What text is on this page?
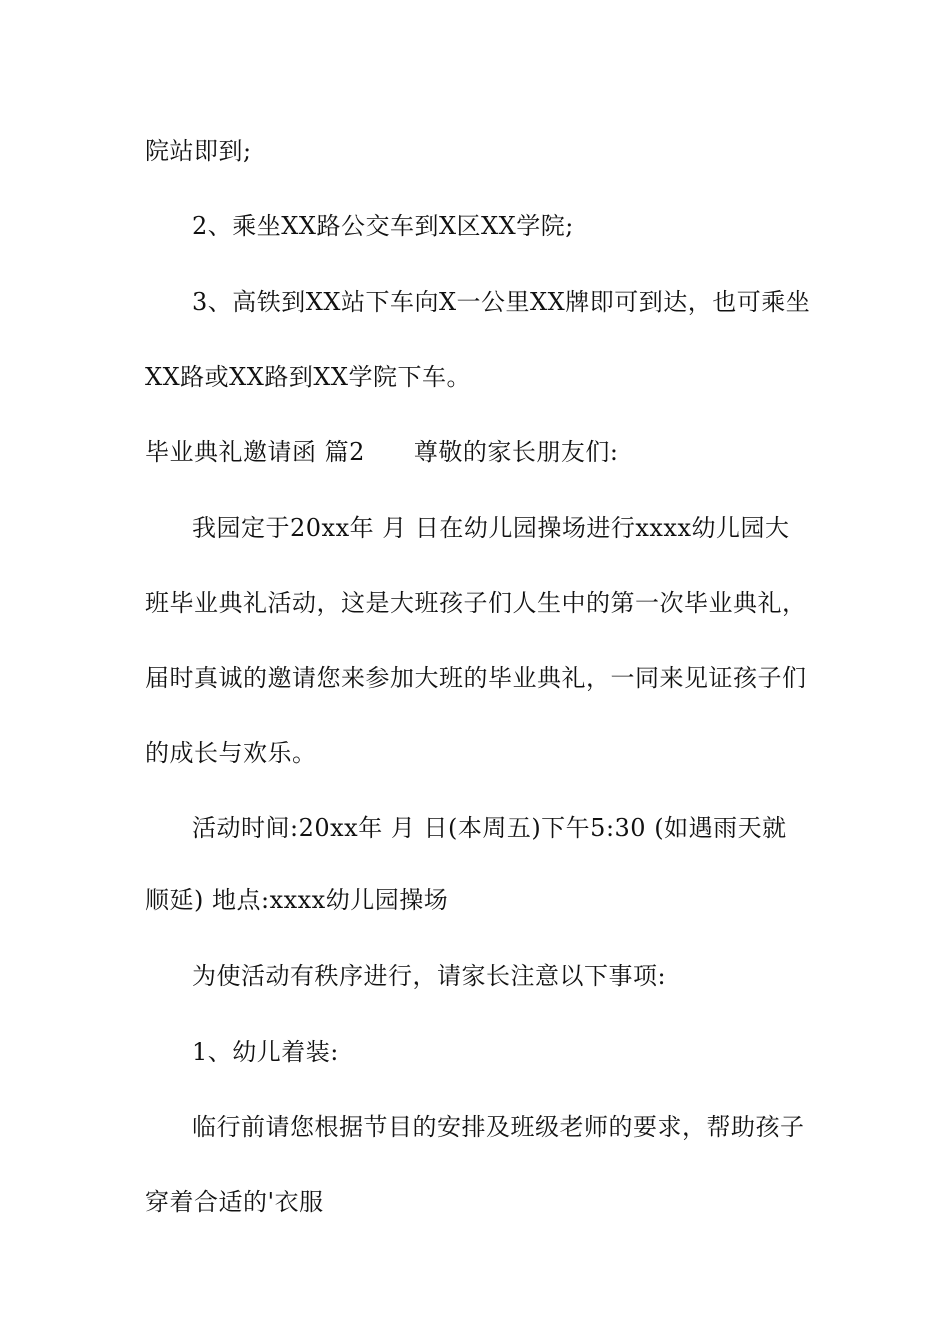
院站即到;
2、乘坐XX路公交车到X区XX学院;
3、高铁到XX站下车向X一公里XX牌即可到达，也可乘坐
XX路或XX路到XX学院下车。
毕业典礼邀请函 篇2　　尊敬的家长朋友们:
我园定于20xx年 月 日在幼儿园操场进行xxxx幼儿园大
班毕业典礼活动，这是大班孩子们人生中的第一次毕业典礼，
届时真诚的邀请您来参加大班的毕业典礼，一同来见证孩子们
的成长与欢乐。
活动时间:20xx年 月 日(本周五)下午5:30 (如遇雨天就
顺延) 地点:xxxx幼儿园操场
为使活动有秩序进行，请家长注意以下事项:
1、幼儿着装:
临行前请您根据节目的安排及班级老师的要求，帮助孩子
穿着合适的'衣服
